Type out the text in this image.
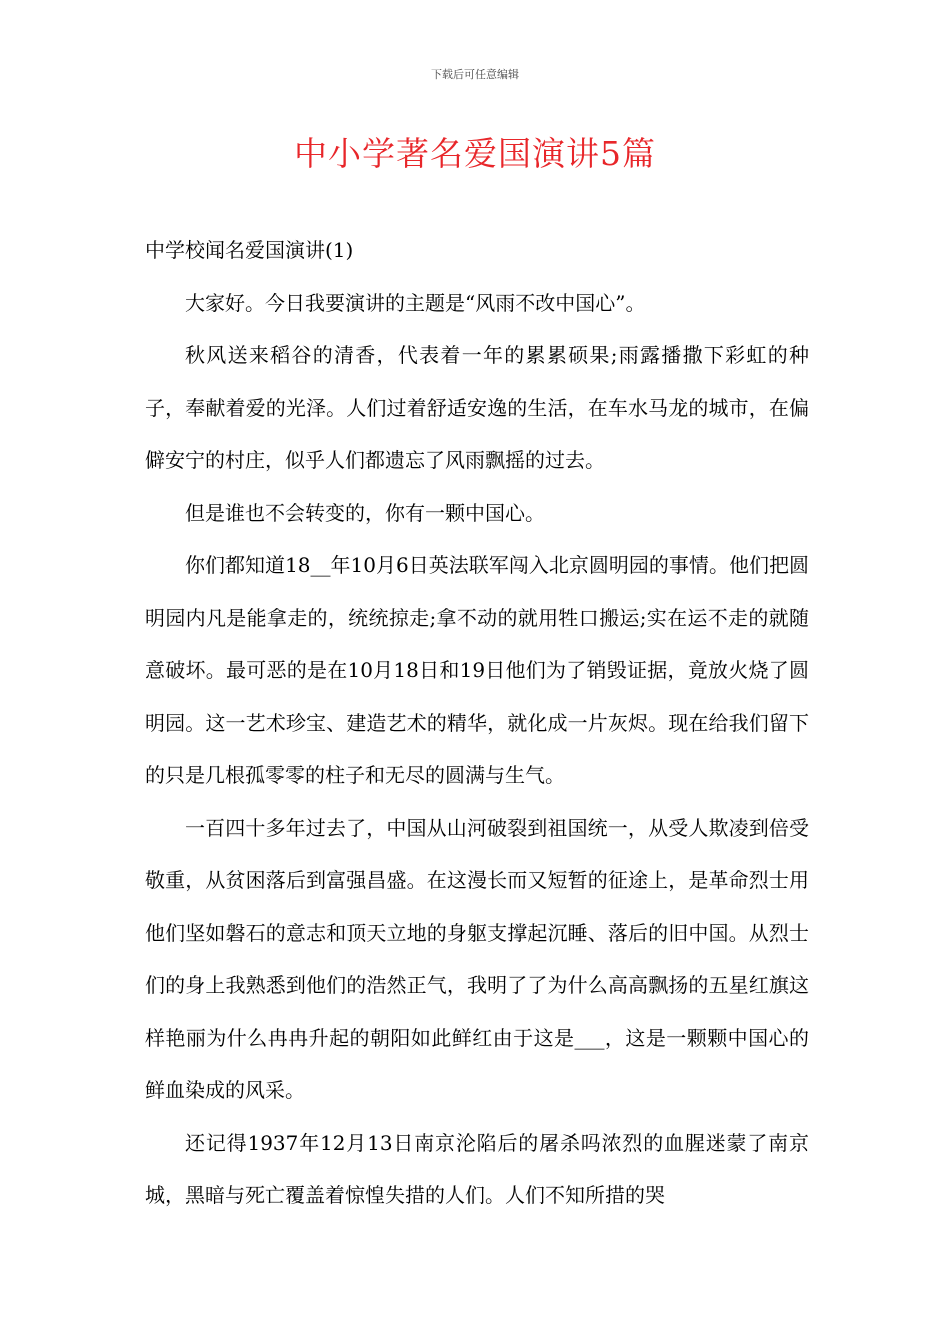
下载后可任意编辑
中小学著名爱国演讲5篇

中学校闻名爱国演讲(1)

大家好。今日我要演讲的主题是“风雨不改中国心”。

秋风送来稻谷的清香，代表着一年的累累硕果;雨露播撒下彩虹的种子，奉献着爱的光泽。人们过着舒适安逸的生活，在车水马龙的城市，在偏僻安宁的村庄，似乎人们都遗忘了风雨飘摇的过去。

但是谁也不会转变的，你有一颗中国心。

你们都知道18__年10月6日英法联军闯入北京圆明园的事情。他们把圆明园内凡是能拿走的，统统掠走;拿不动的就用牲口搬运;实在运不走的就随意破坏。最可恶的是在10月18日和19日他们为了销毁证据，竟放火烧了圆明园。这一艺术珍宝、建造艺术的精华，就化成一片灰烬。现在给我们留下的只是几根孤零零的柱子和无尽的圆满与生气。

一百四十多年过去了，中国从山河破裂到祖国统一，从受人欺凌到倍受敬重，从贫困落后到富强昌盛。在这漫长而又短暂的征途上，是革命烈士用他们坚如磐石的意志和顶天立地的身躯支撑起沉睡、落后的旧中国。从烈士们的身上我熟悉到他们的浩然正气，我明了了为什么高高飘扬的五星红旗这样艳丽为什么冉冉升起的朝阳如此鲜红由于这是___，这是一颗颗中国心的鲜血染成的风采。

还记得1937年12月13日南京沦陷后的屠杀吗浓烈的血腥迷蒙了南京城，黑暗与死亡覆盖着惊惶失措的人们。人们不知所措的哭
